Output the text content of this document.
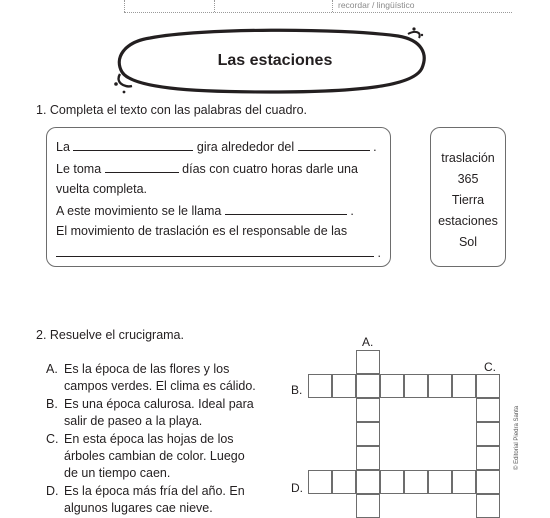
recordar / lingüístico
Las estaciones
1. Completa el texto con las palabras del cuadro.
La	gira alrededor del	.
Le toma	días con cuatro horas darle una
vuelta completa.
A este movimiento se le llama	.
El movimiento de traslación es el responsable de las
.
traslación
365
Tierra
estaciones
Sol
2. Resuelve el crucigrama.
A. Es la época de las flores y los
campos verdes. El clima es cálido.
B. Es una época calurosa. Ideal para
salir de paseo a la playa.
C. En esta época las hojas de los
árboles cambian de color. Luego
de un tiempo caen.
D. Es la época más fría del año. En
algunos lugares cae nieve.
A.
B.
C.
D.
© Editorial Piedra Santa
